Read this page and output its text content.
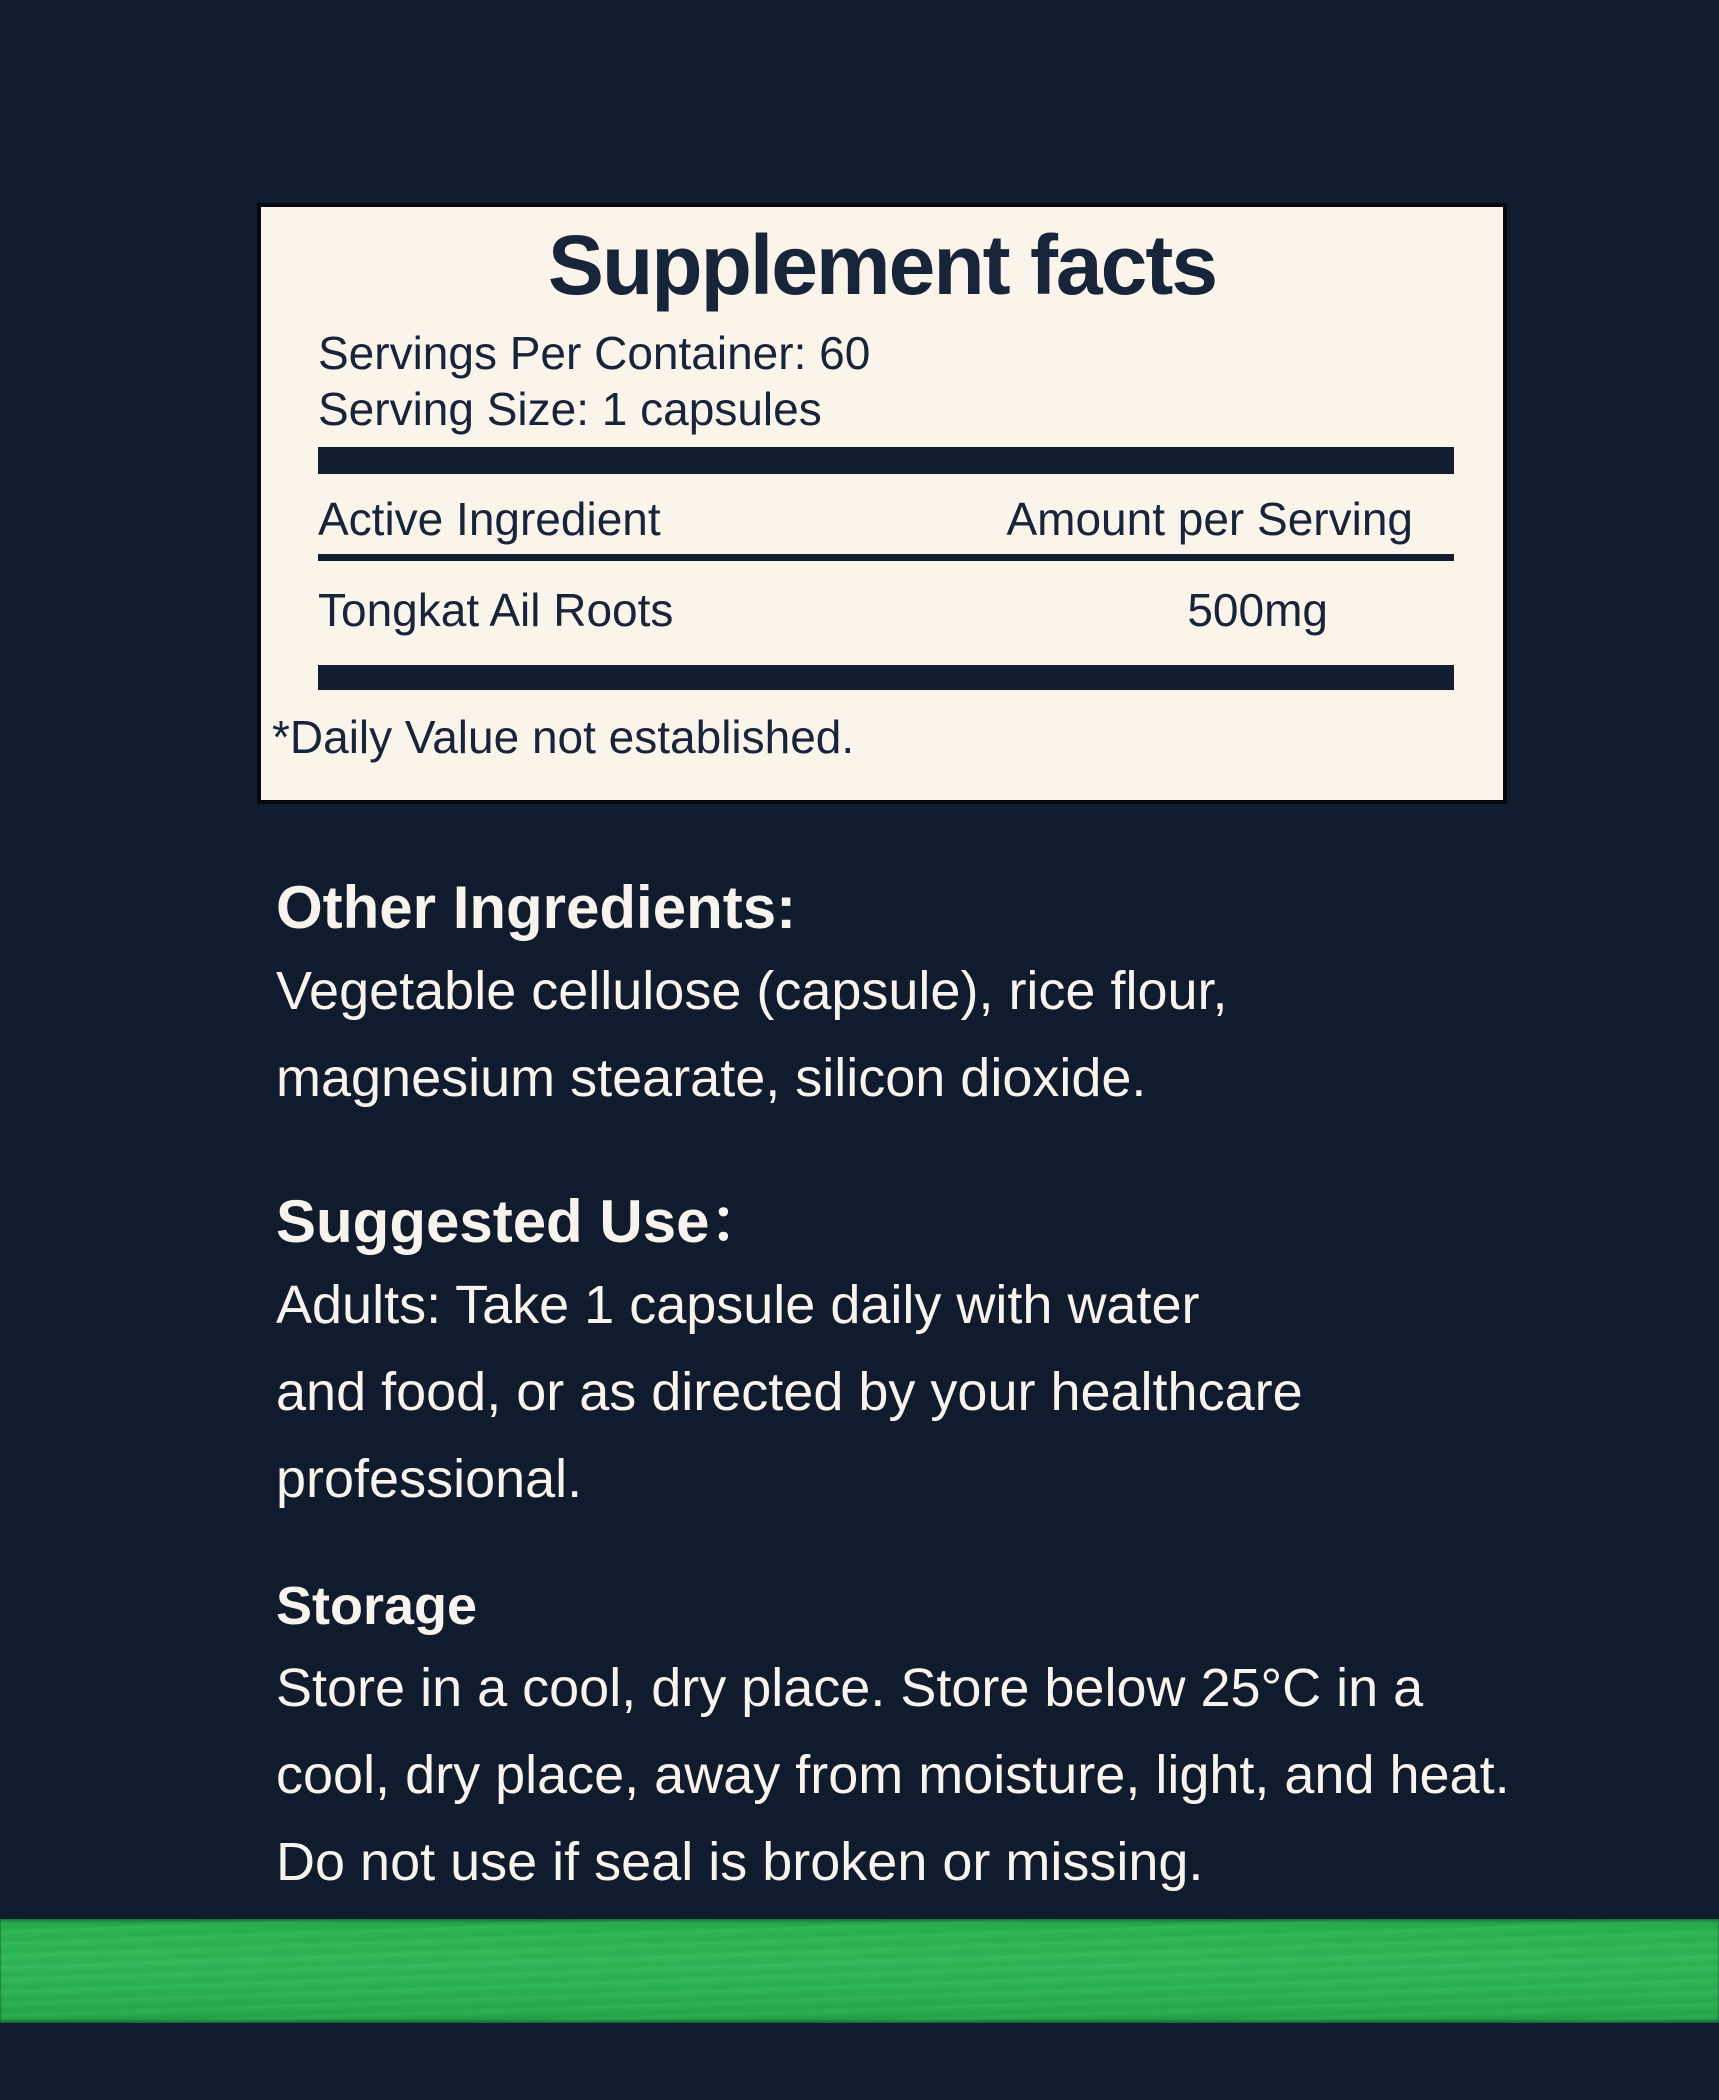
Supplement facts
Servings Per Container: 60
Serving Size: 1 capsules
Active Ingredient	Amount per Serving
Tongkat Ail Roots	500mg
*Daily Value not established.
Other Ingredients:
Vegetable cellulose (capsule), rice flour,
magnesium stearate, silicon dioxide.
Suggested Use：
Adults: Take 1 capsule daily with water
and food, or as directed by your healthcare
professional.
Storage
Store in a cool, dry place. Store below 25°C in a
cool, dry place, away from moisture, light, and heat.
Do not use if seal is broken or missing.
